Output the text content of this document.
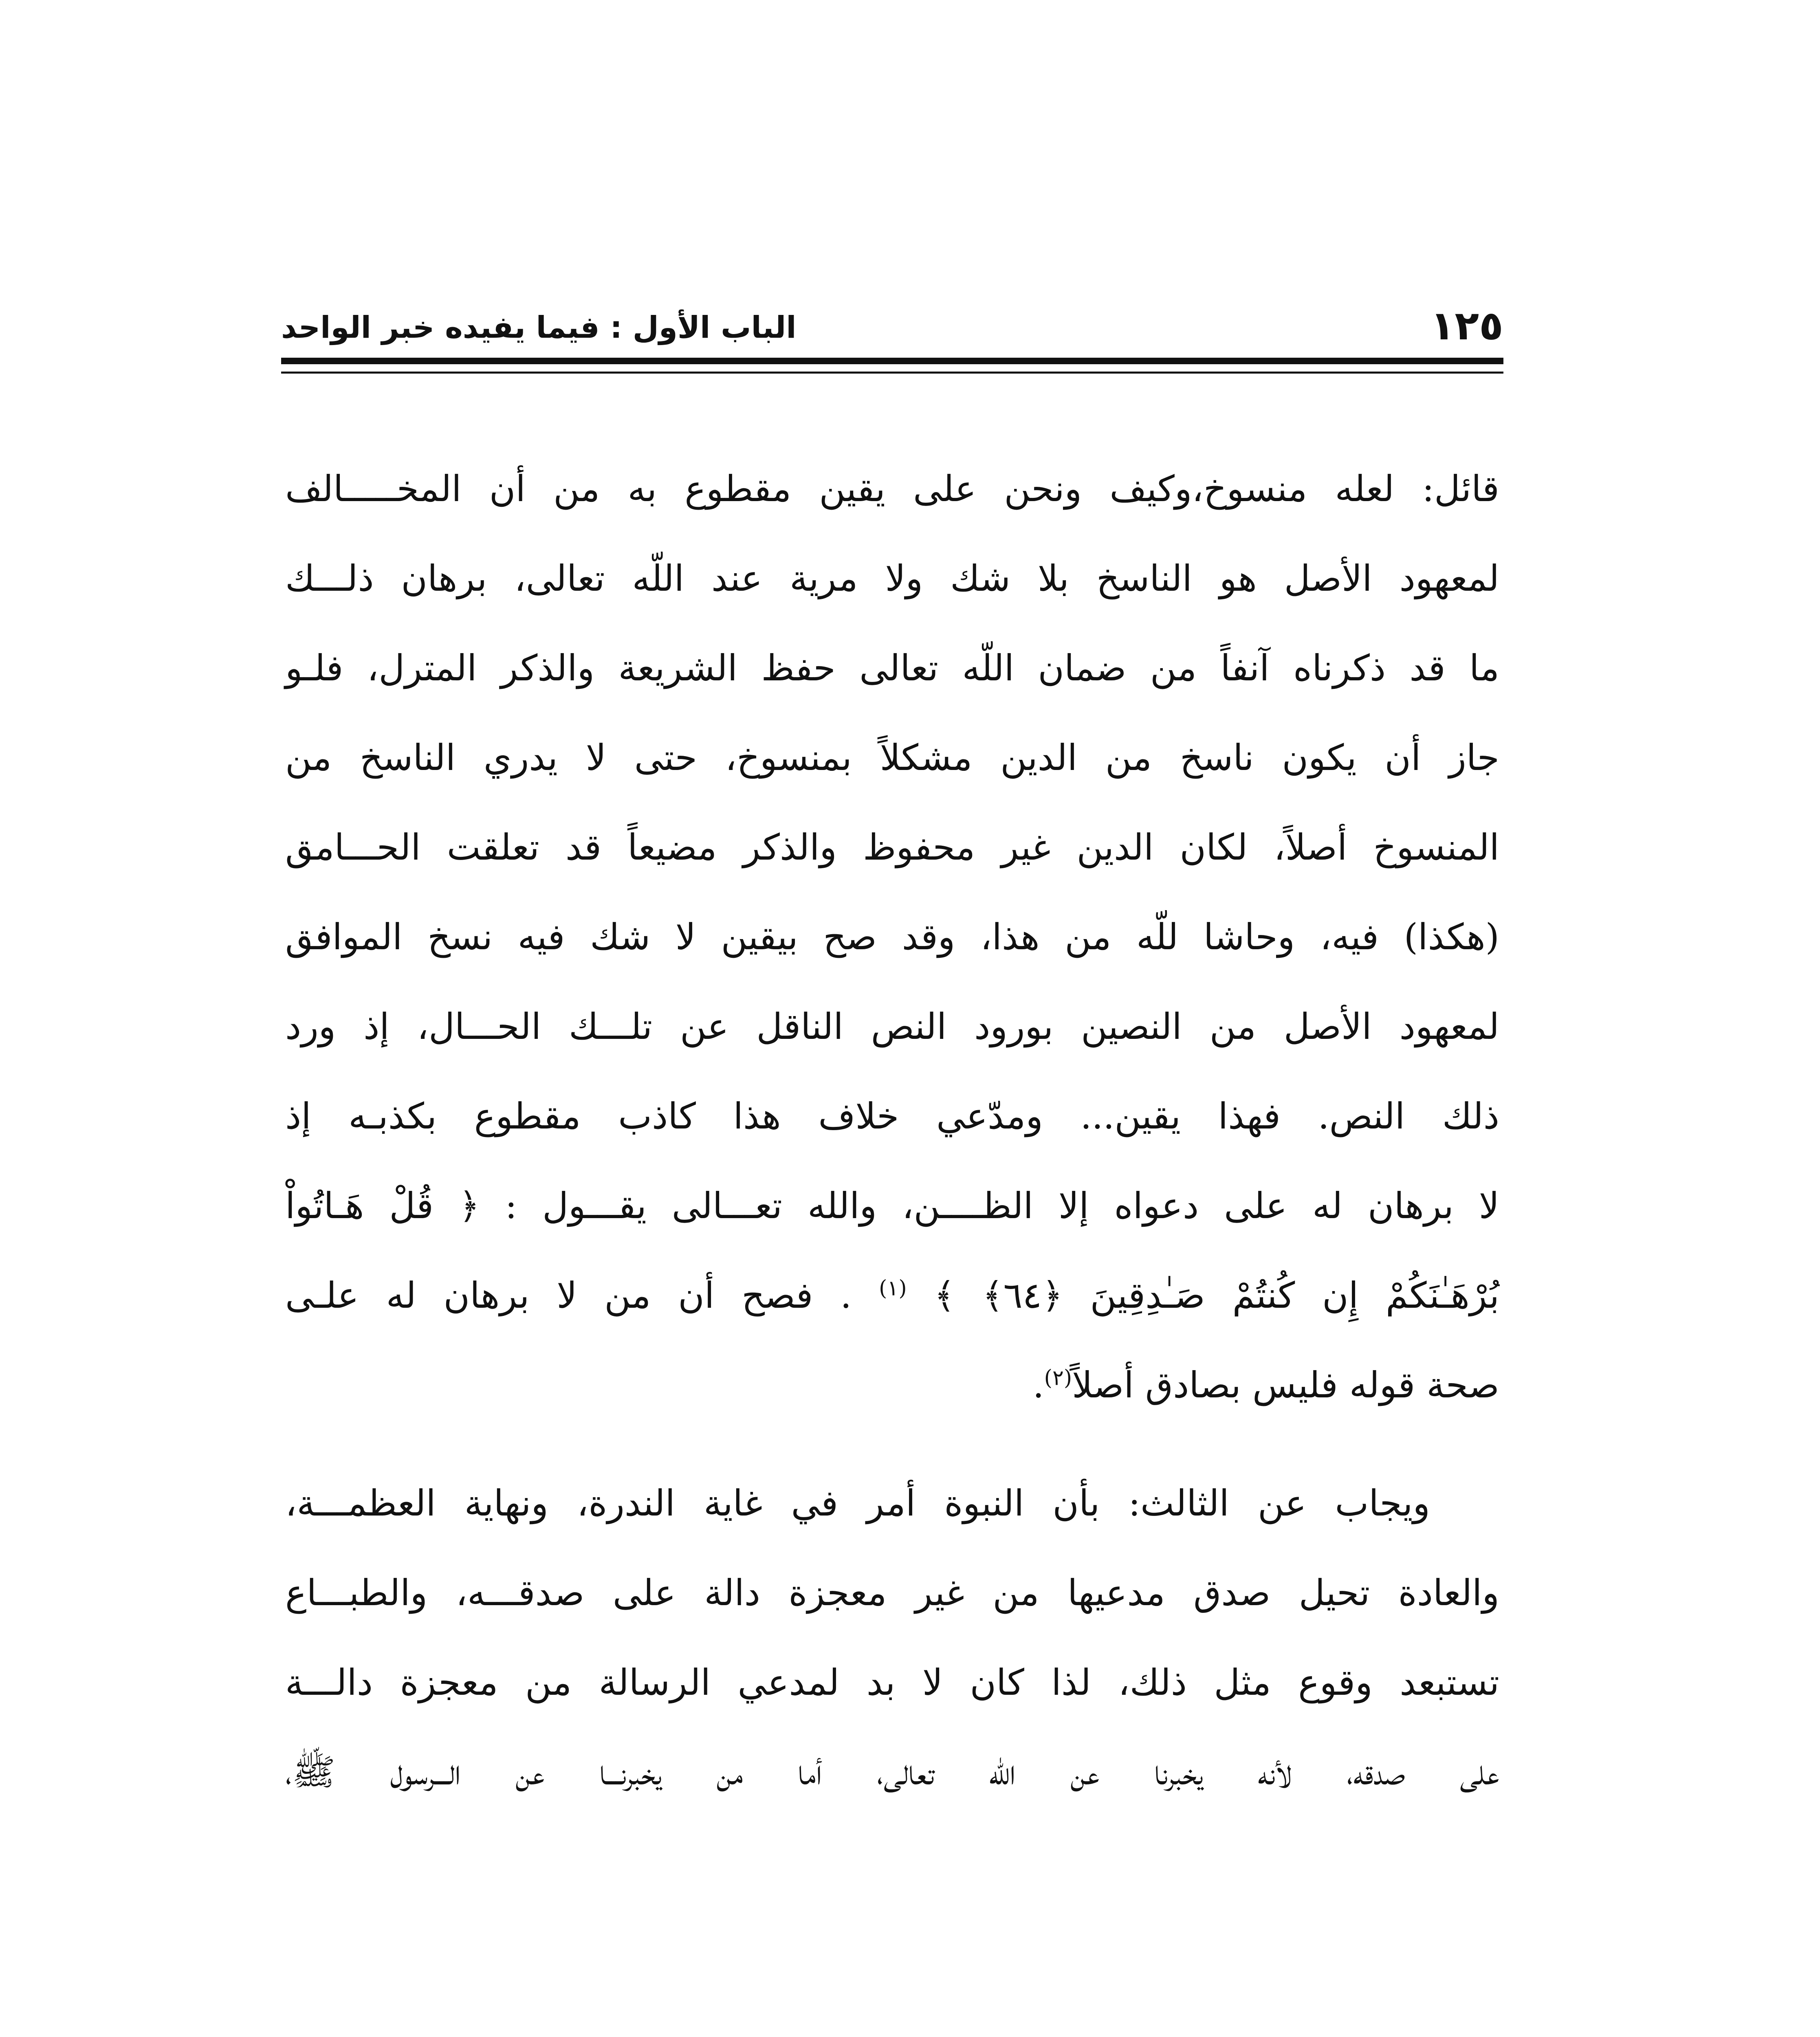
١٢٥
الباب الأول : فيما يفيده خبر الواحد
قائل: لعله منسوخ،وكيف ونحن على يقين مقطوع به من أن المخـــــالف
لمعهود الأصل هو الناسخ بلا شك ولا مرية عند اللّه تعالى، برهان ذلـــك
ما قد ذكرناه آنفاً من ضمان اللّه تعالى حفظ الشريعة والذكر المترل، فلـو
جاز أن يكون ناسخ من الدين مشكلاً بمنسوخ، حتى لا يدري الناسخ من
المنسوخ أصلاً، لكان الدين غير محفوظ والذكر مضيعاً قد تعلقت الحـــامق
(هكذا) فيه، وحاشا للّه من هذا، وقد صح بيقين لا شك فيه نسخ الموافق
لمعهود الأصل من النصين بورود النص الناقل عن تلـــك الحـــال، إذ ورد
ذلك النص. فهذا يقين... ومدّعي خلاف هذا كاذب مقطوع بكذبـه إذ
لا برهان له على دعواه إلا الظــــن، والله تعـــالى يقـــول : ﴿ قُلْ هَـاتُواْ
بُرْهَـٰنَكُمْ إِن كُنتُمْ صَـٰدِقِينَ ﴿٦٤﴾ ﴾ $^{(١)}$ . فصح أن من لا برهان له علـى
صحة قوله فليس بصادق أصلاً$^{(٢)}$.
ويجاب عن الثالث: بأن النبوة أمر في غاية الندرة، ونهاية العظمـــة،
والعادة تحيل صدق مدعيها من غير معجزة دالة على صدقـــه، والطبـــاع
تستبعد وقوع مثل ذلك، لذا كان لا بد لمدعي الرسالة من معجزة دالـــة
على صدقه، لأنه يخبرنا عن اللّه تعالى، أما من يخبرنـــا عن الـــرسول ﷺ،
